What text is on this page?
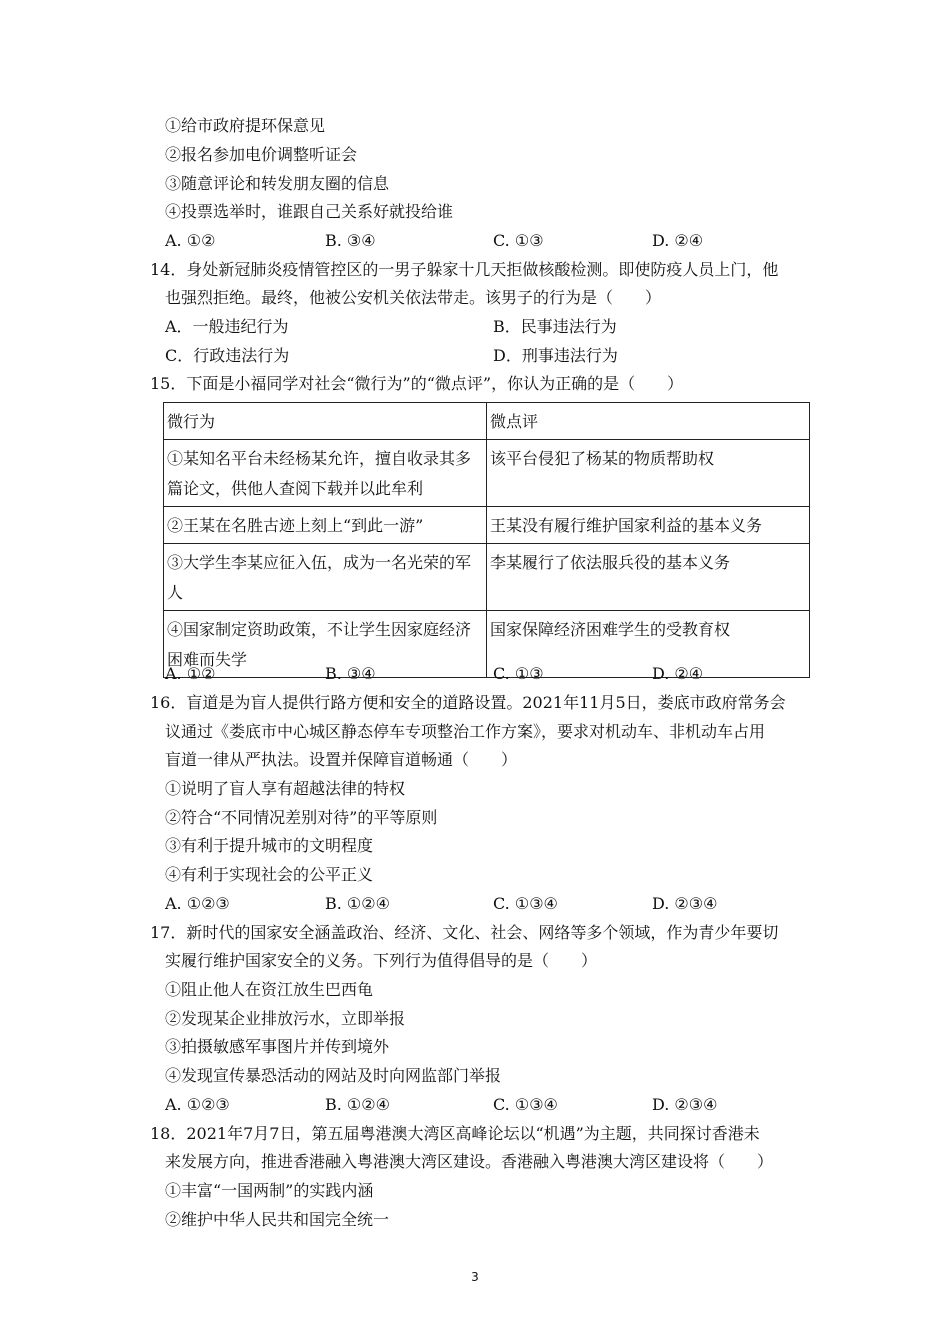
①给市政府提环保意见
②报名参加电价调整听证会
③随意评论和转发朋友圈的信息
④投票选举时，谁跟自己关系好就投给谁
A. ①②	B. ③④	C. ①③	D. ②④
14．身处新冠肺炎疫情管控区的一男子躲家十几天拒做核酸检测。即使防疫人员上门，他
也强烈拒绝。最终，他被公安机关依法带走。该男子的行为是（　　）
A．一般违纪行为	B．民事违法行为
C．行政违法行为	D．刑事违法行为
15．下面是小福同学对社会“微行为”的“微点评”，你认为正确的是（　　）
微行为	微点评
①某知名平台未经杨某允许，擅自收录其多篇论文，供他人查阅下载并以此牟利	该平台侵犯了杨某的物质帮助权
②王某在名胜古迹上刻上“到此一游”	王某没有履行维护国家利益的基本义务
③大学生李某应征入伍，成为一名光荣的军人	李某履行了依法服兵役的基本义务
④国家制定资助政策，不让学生因家庭经济困难而失学	国家保障经济困难学生的受教育权
A. ①②	B. ③④	C. ①③	D. ②④
16．盲道是为盲人提供行路方便和安全的道路设置。2021年11月5日，娄底市政府常务会
议通过《娄底市中心城区静态停车专项整治工作方案》，要求对机动车、非机动车占用
盲道一律从严执法。设置并保障盲道畅通（　　）
①说明了盲人享有超越法律的特权
②符合“不同情况差别对待”的平等原则
③有利于提升城市的文明程度
④有利于实现社会的公平正义
A. ①②③	B. ①②④	C. ①③④	D. ②③④
17．新时代的国家安全涵盖政治、经济、文化、社会、网络等多个领域，作为青少年要切
实履行维护国家安全的义务。下列行为值得倡导的是（　　）
①阻止他人在资江放生巴西龟
②发现某企业排放污水，立即举报
③拍摄敏感军事图片并传到境外
④发现宣传暴恐活动的网站及时向网监部门举报
A. ①②③	B. ①②④	C. ①③④	D. ②③④
18．2021年7月7日，第五届粤港澳大湾区高峰论坛以“机遇”为主题，共同探讨香港未
来发展方向，推进香港融入粤港澳大湾区建设。香港融入粤港澳大湾区建设将（　　）
①丰富“一国两制”的实践内涵
②维护中华人民共和国完全统一
3
